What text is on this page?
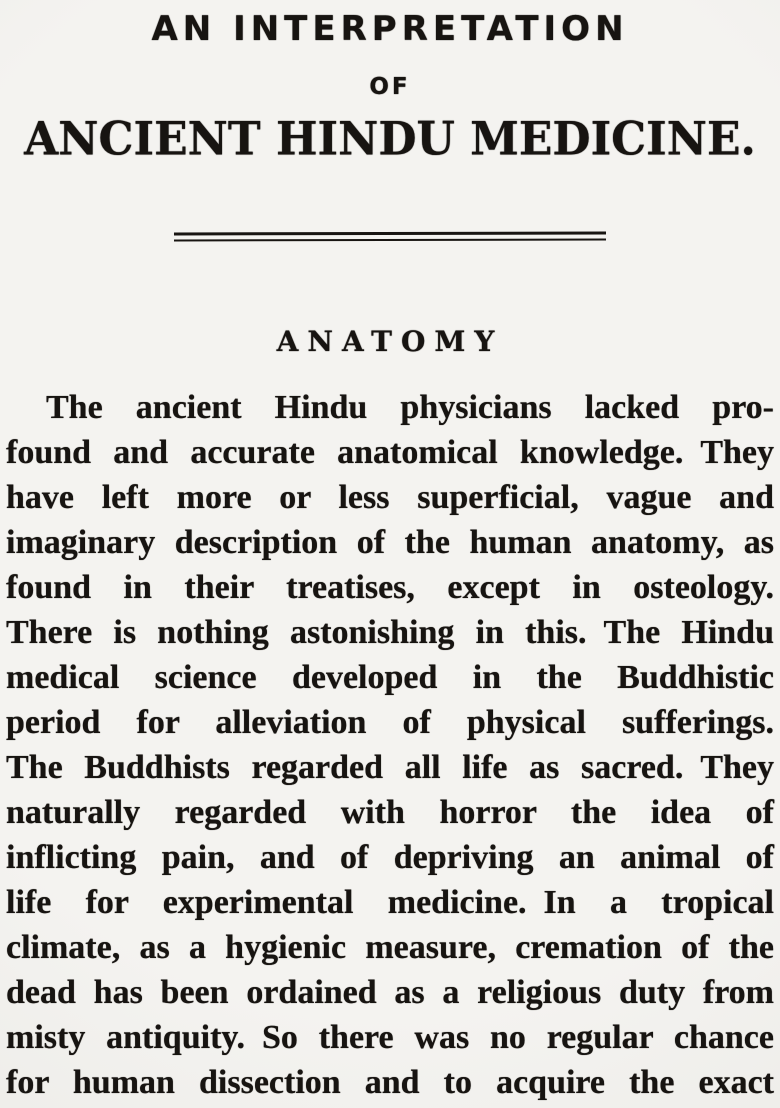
AN INTERPRETATION
OF
ANCIENT HINDU MEDICINE.
ANATOMY
The ancient Hindu physicians lacked pro-
found and accurate anatomical knowledge. They
have left more or less superficial, vague and
imaginary description of the human anatomy, as
found in their treatises, except in osteology.
There is nothing astonishing in this. The Hindu
medical science developed in the Buddhistic
period for alleviation of physical sufferings.
The Buddhists regarded all life as sacred. They
naturally regarded with horror the idea of
inflicting pain, and of depriving an animal of
life for experimental medicine. In a tropical
climate, as a hygienic measure, cremation of the
dead has been ordained as a religious duty from
misty antiquity. So there was no regular chance
for human dissection and to acquire the exact
